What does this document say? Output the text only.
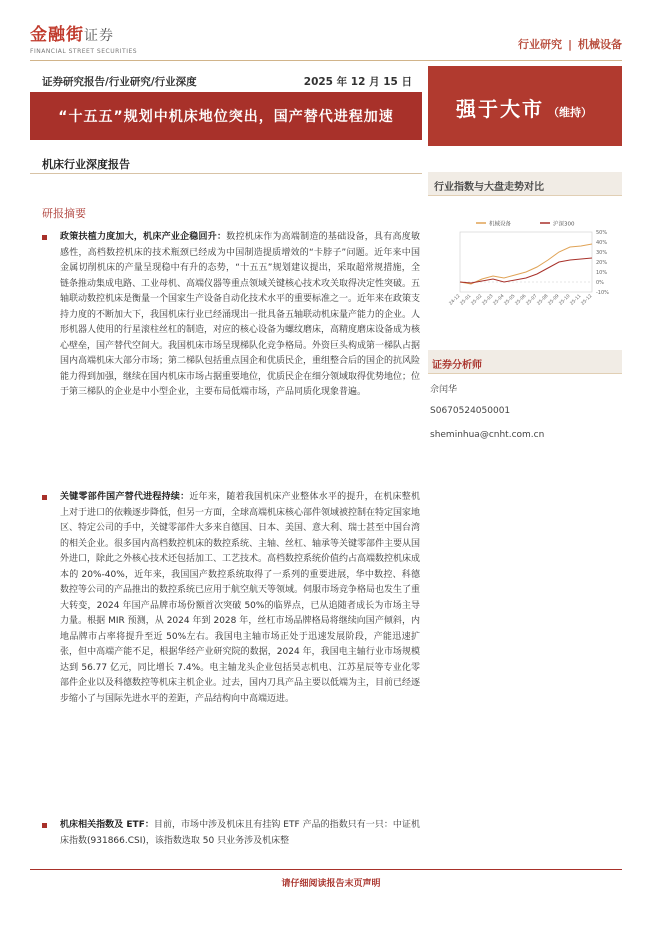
金融街证券
FINANCIAL STREET SECURITIES
行业研究 | 机械设备
证券研究报告/行业研究/行业深度	2025 年 12 月 15 日
“十五五”规划中机床地位突出，国产替代进程加速	强于大市 （维持）
机床行业深度报告
研报摘要
政策扶植力度加大，机床产业企稳回升：数控机床作为高端制造的基础设备，具有高度敏感性，高档数控机床的技术瓶颈已经成为中国制造提质增效的“卡脖子”问题。近年来中国金属切削机床的产量呈现稳中有升的态势，“十五五”规划建议提出，采取超常规措施，全链条推动集成电路、工业母机、高端仪器等重点领域关键核心技术攻关取得决定性突破。五轴联动数控机床是衡量一个国家生产设备自动化技术水平的重要标准之一。近年来在政策支持力度的不断加大下，我国机床行业已经涌现出一批具备五轴联动机床量产能力的企业。人形机器人使用的行星滚柱丝杠的制造，对应的核心设备为螺纹磨床，高精度磨床设备成为核心壁垒，国产替代空间大。我国机床市场呈现梯队化竞争格局。外资巨头构成第一梯队占据国内高端机床大部分市场；第二梯队包括重点国企和优质民企，重组整合后的国企的抗风险能力得到加强，继续在国内机床市场占据重要地位，优质民企在细分领域取得优势地位；位于第三梯队的企业是中小型企业，主要布局低端市场，产品同质化现象普遍。
关键零部件国产替代进程持续：近年来，随着我国机床产业整体水平的提升，在机床整机上对于进口的依赖逐步降低，但另一方面，全球高端机床核心部件领域被控制在特定国家地区、特定公司的手中，关键零部件大多来自德国、日本、美国、意大利、瑞士甚至中国台湾的相关企业。很多国内高档数控机床的数控系统、主轴、丝杠、轴承等关键零部件主要从国外进口，除此之外核心技术还包括加工、工艺技术。高档数控系统价值约占高端数控机床成本的 20%-40%，近年来，我国国产数控系统取得了一系列的重要进展，华中数控、科德数控等公司的产品推出的数控系统已应用于航空航天等领域。伺服市场竞争格局也发生了重大转变，2024 年国产品牌市场份额首次突破 50%的临界点，已从追随者成长为市场主导力量。根据 MIR 预测，从 2024 年到 2028 年，丝杠市场品牌格局将继续向国产倾斜，内地品牌市占率将提升至近 50%左右。我国电主轴市场正处于迅速发展阶段，产能迅速扩张，但中高端产能不足，根据华经产业研究院的数据，2024 年，我国电主轴行业市场规模达到 56.77 亿元，同比增长 7.4%。电主轴龙头企业包括昊志机电、江苏星辰等专业化零部件企业以及科德数控等机床主机企业。过去，国内刀具产品主要以低端为主，目前已经逐步缩小了与国际先进水平的差距，产品结构向中高端迈进。
机床相关指数及 ETF：目前，市场中涉及机床且有挂钩 ETF 产品的指数只有一只：中证机床指数(931866.CSI)，该指数选取 50 只业务涉及机床整
行业指数与大盘走势对比
机械设备	沪深300
50%
40%
30%
20%
10%
0%
-10%
24-12
25-01
25-02
25-03
25-04
25-05
25-06
25-07
25-08
25-09
25-10
25-11
25-12
证券分析师
佘闰华
S0670524050001
sheminhua@cnht.com.cn
请仔细阅读报告末页声明
